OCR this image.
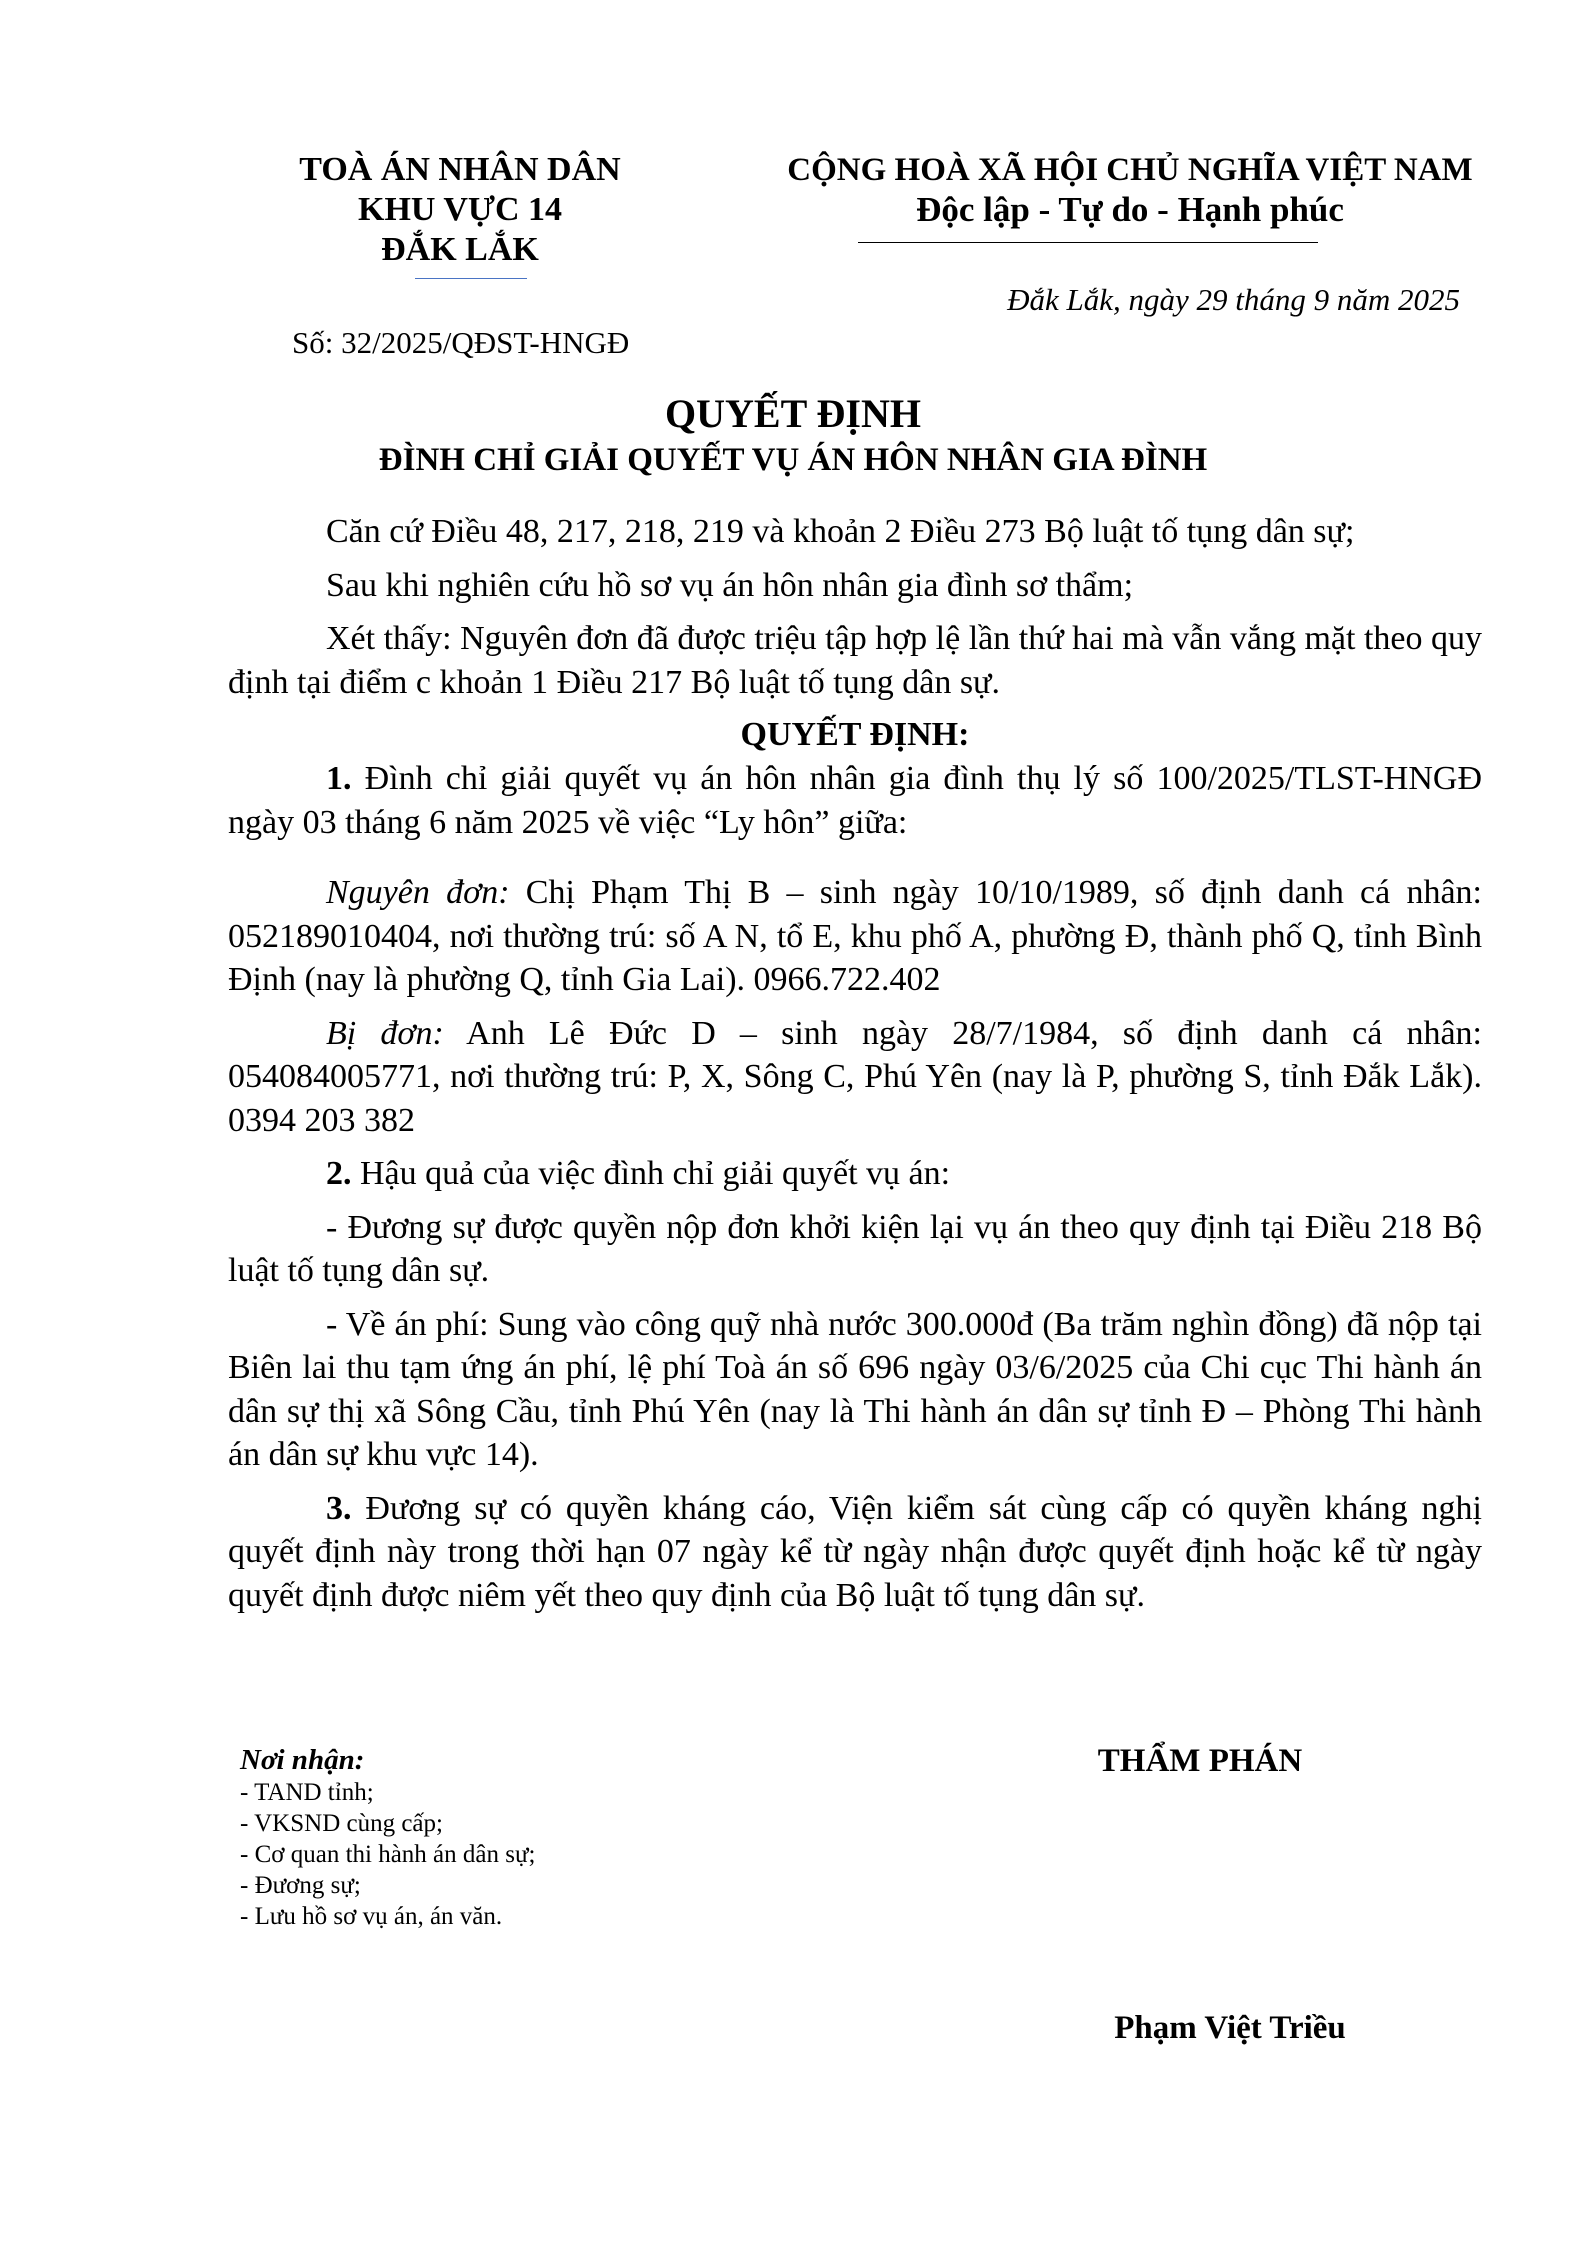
TOÀ ÁN NHÂN DÂN
KHU VỰC 14
ĐẮK LẮK
Số: 32/2025/QĐST-HNGĐ
CỘNG HOÀ XÃ HỘI CHỦ NGHĨA VIỆT NAM
Độc lập - Tự do - Hạnh phúc
Đắk Lắk, ngày 29 tháng 9 năm 2025
QUYẾT ĐỊNH
ĐÌNH CHỈ GIẢI QUYẾT VỤ ÁN HÔN NHÂN GIA ĐÌNH

Căn cứ Điều 48, 217, 218, 219 và khoản 2 Điều 273 Bộ luật tố tụng dân sự;

Sau khi nghiên cứu hồ sơ vụ án hôn nhân gia đình sơ thẩm;

Xét thấy: Nguyên đơn đã được triệu tập hợp lệ lần thứ hai mà vẫn vắng mặt theo quy định tại điểm c khoản 1 Điều 217 Bộ luật tố tụng dân sự.

QUYẾT ĐỊNH:

1. Đình chỉ giải quyết vụ án hôn nhân gia đình thụ lý số 100/2025/TLST-HNGĐ ngày 03 tháng 6 năm 2025 về việc “Ly hôn” giữa:

Nguyên đơn: Chị Phạm Thị B – sinh ngày 10/10/1989, số định danh cá nhân: 052189010404, nơi thường trú: số A N, tổ E, khu phố A, phường Đ, thành phố Q, tỉnh Bình Định (nay là phường Q, tỉnh Gia Lai). 0966.722.402

Bị đơn: Anh Lê Đức D – sinh ngày 28/7/1984, số định danh cá nhân: 054084005771, nơi thường trú: P, X, Sông C, Phú Yên (nay là P, phường S, tỉnh Đắk Lắk). 0394 203 382

2. Hậu quả của việc đình chỉ giải quyết vụ án:

- Đương sự được quyền nộp đơn khởi kiện lại vụ án theo quy định tại Điều 218 Bộ luật tố tụng dân sự.

- Về án phí: Sung vào công quỹ nhà nước 300.000đ (Ba trăm nghìn đồng) đã nộp tại Biên lai thu tạm ứng án phí, lệ phí Toà án số 696 ngày 03/6/2025 của Chi cục Thi hành án dân sự thị xã Sông Cầu, tỉnh Phú Yên (nay là Thi hành án dân sự tỉnh Đ – Phòng Thi hành án dân sự khu vực 14).

3. Đương sự có quyền kháng cáo, Viện kiểm sát cùng cấp có quyền kháng nghị quyết định này trong thời hạn 07 ngày kể từ ngày nhận được quyết định hoặc kể từ ngày quyết định được niêm yết theo quy định của Bộ luật tố tụng dân sự.

Nơi nhận:
- TAND tỉnh;
- VKSND cùng cấp;
- Cơ quan thi hành án dân sự;
- Đương sự;
- Lưu hồ sơ vụ án, án văn.
THẨM PHÁN
Phạm Việt Triều
